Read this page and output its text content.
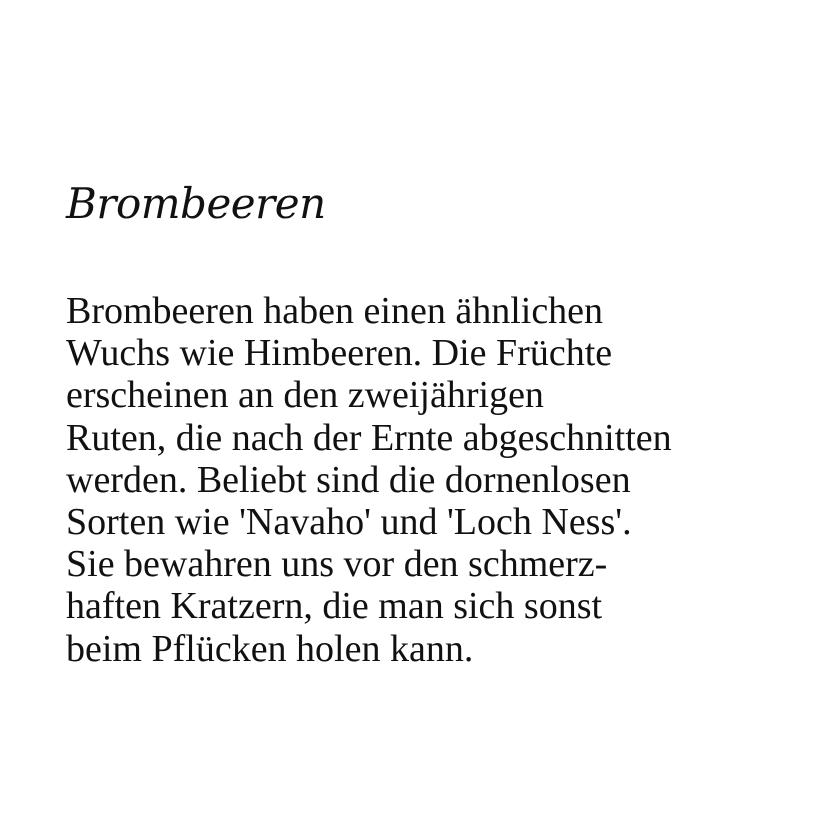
Brombeeren

Brombeeren haben einen ähnlichen
Wuchs wie Himbeeren. Die Früchte
erscheinen an den zweijährigen
Ruten, die nach der Ernte abgeschnitten
werden. Beliebt sind die dornenlosen
Sorten wie 'Navaho' und 'Loch Ness'.
Sie bewahren uns vor den schmerz-
haften Kratzern, die man sich sonst
beim Pflücken holen kann.
